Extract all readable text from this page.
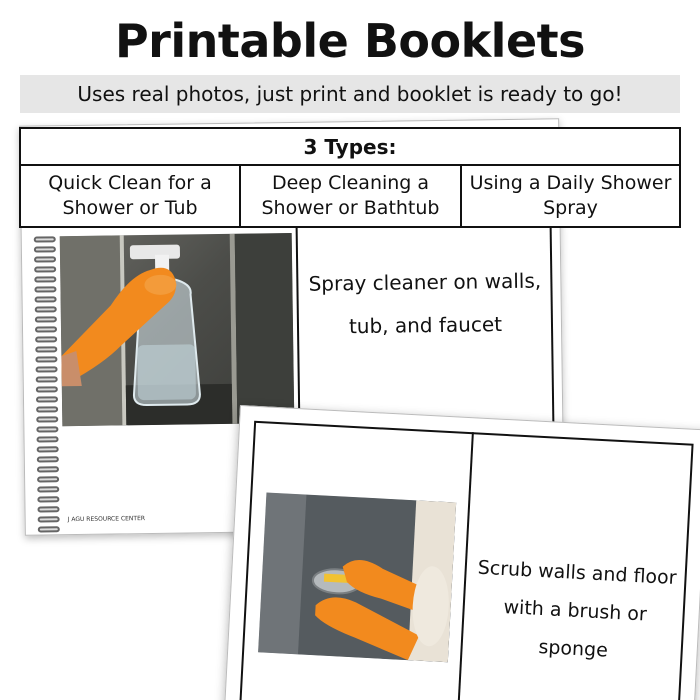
Printable Booklets
Uses real photos, just print and booklet is ready to go!
Spray cleaner on walls, tub, and faucet
J AGU RESOURCE CENTER
3 Types:
Quick Clean for a Shower or Tub
Deep Cleaning a Shower or Bathtub
Using a Daily Shower Spray
Scrub walls and floor with a brush or sponge
